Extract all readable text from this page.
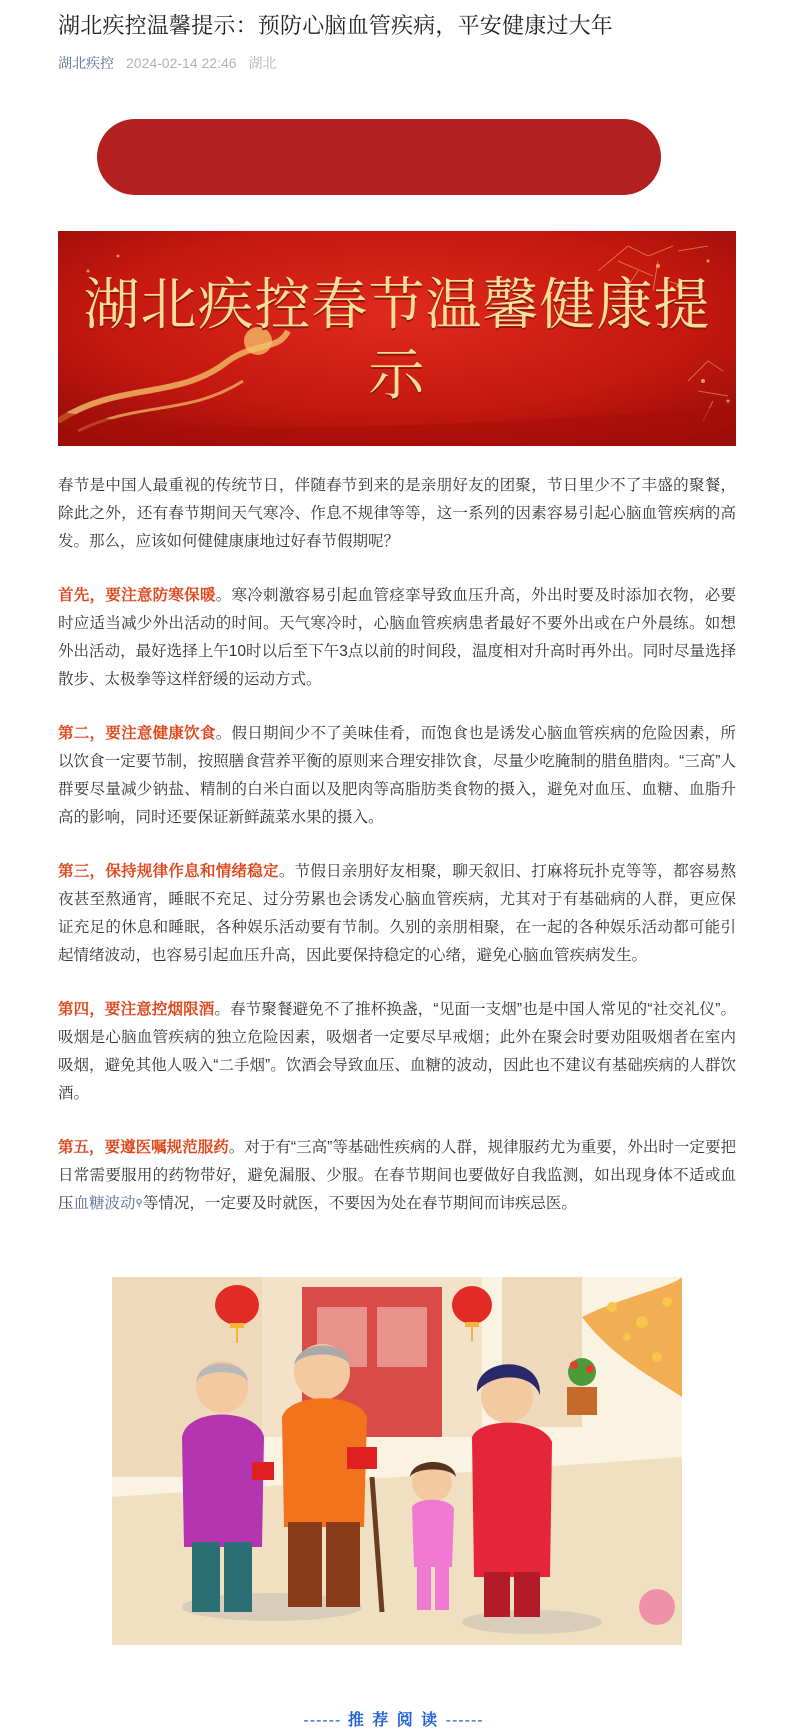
湖北疾控温馨提示：预防心脑血管疾病，平安健康过大年
湖北疾控 2024-02-14 22:46 湖北
湖北疾控春节温馨健康提示

春节是中国人最重视的传统节日，伴随春节到来的是亲朋好友的团聚，节日里少不了丰盛的聚餐，除此之外，还有春节期间天气寒冷、作息不规律等等，这一系列的因素容易引起心脑血管疾病的高发。那么，应该如何健健康康地过好春节假期呢？

首先，要注意防寒保暖。寒冷刺激容易引起血管痉挛导致血压升高，外出时要及时添加衣物，必要时应适当减少外出活动的时间。天气寒冷时，心脑血管疾病患者最好不要外出或在户外晨练。如想外出活动，最好选择上午10时以后至下午3点以前的时间段，温度相对升高时再外出。同时尽量选择散步、太极拳等这样舒缓的运动方式。

第二，要注意健康饮食。假日期间少不了美味佳肴，而饱食也是诱发心脑血管疾病的危险因素，所以饮食一定要节制，按照膳食营养平衡的原则来合理安排饮食，尽量少吃腌制的腊鱼腊肉。“三高”人群要尽量减少钠盐、精制的白米白面以及肥肉等高脂肪类食物的摄入，避免对血压、血糖、血脂升高的影响，同时还要保证新鲜蔬菜水果的摄入。

第三，保持规律作息和情绪稳定。节假日亲朋好友相聚，聊天叙旧、打麻将玩扑克等等，都容易熬夜甚至熬通宵，睡眠不充足、过分劳累也会诱发心脑血管疾病，尤其对于有基础病的人群，更应保证充足的休息和睡眠，各种娱乐活动要有节制。久别的亲朋相聚，在一起的各种娱乐活动都可能引起情绪波动，也容易引起血压升高，因此要保持稳定的心绪，避免心脑血管疾病发生。

第四，要注意控烟限酒。春节聚餐避免不了推杯换盏，“见面一支烟”也是中国人常见的“社交礼仪”。吸烟是心脑血管疾病的独立危险因素，吸烟者一定要尽早戒烟；此外在聚会时要劝阻吸烟者在室内吸烟，避免其他人吸入“二手烟”。饮酒会导致血压、血糖的波动，因此也不建议有基础疾病的人群饮酒。

第五，要遵医嘱规范服药。对于有“三高”等基础性疾病的人群，规律服药尤为重要，外出时一定要把日常需要服用的药物带好，避免漏服、少服。在春节期间也要做好自我监测，如出现身体不适或血压血糖波动⚲等情况，一定要及时就医，不要因为处在春节期间而讳疾忌医。

------ 推 荐 阅 读 ------
